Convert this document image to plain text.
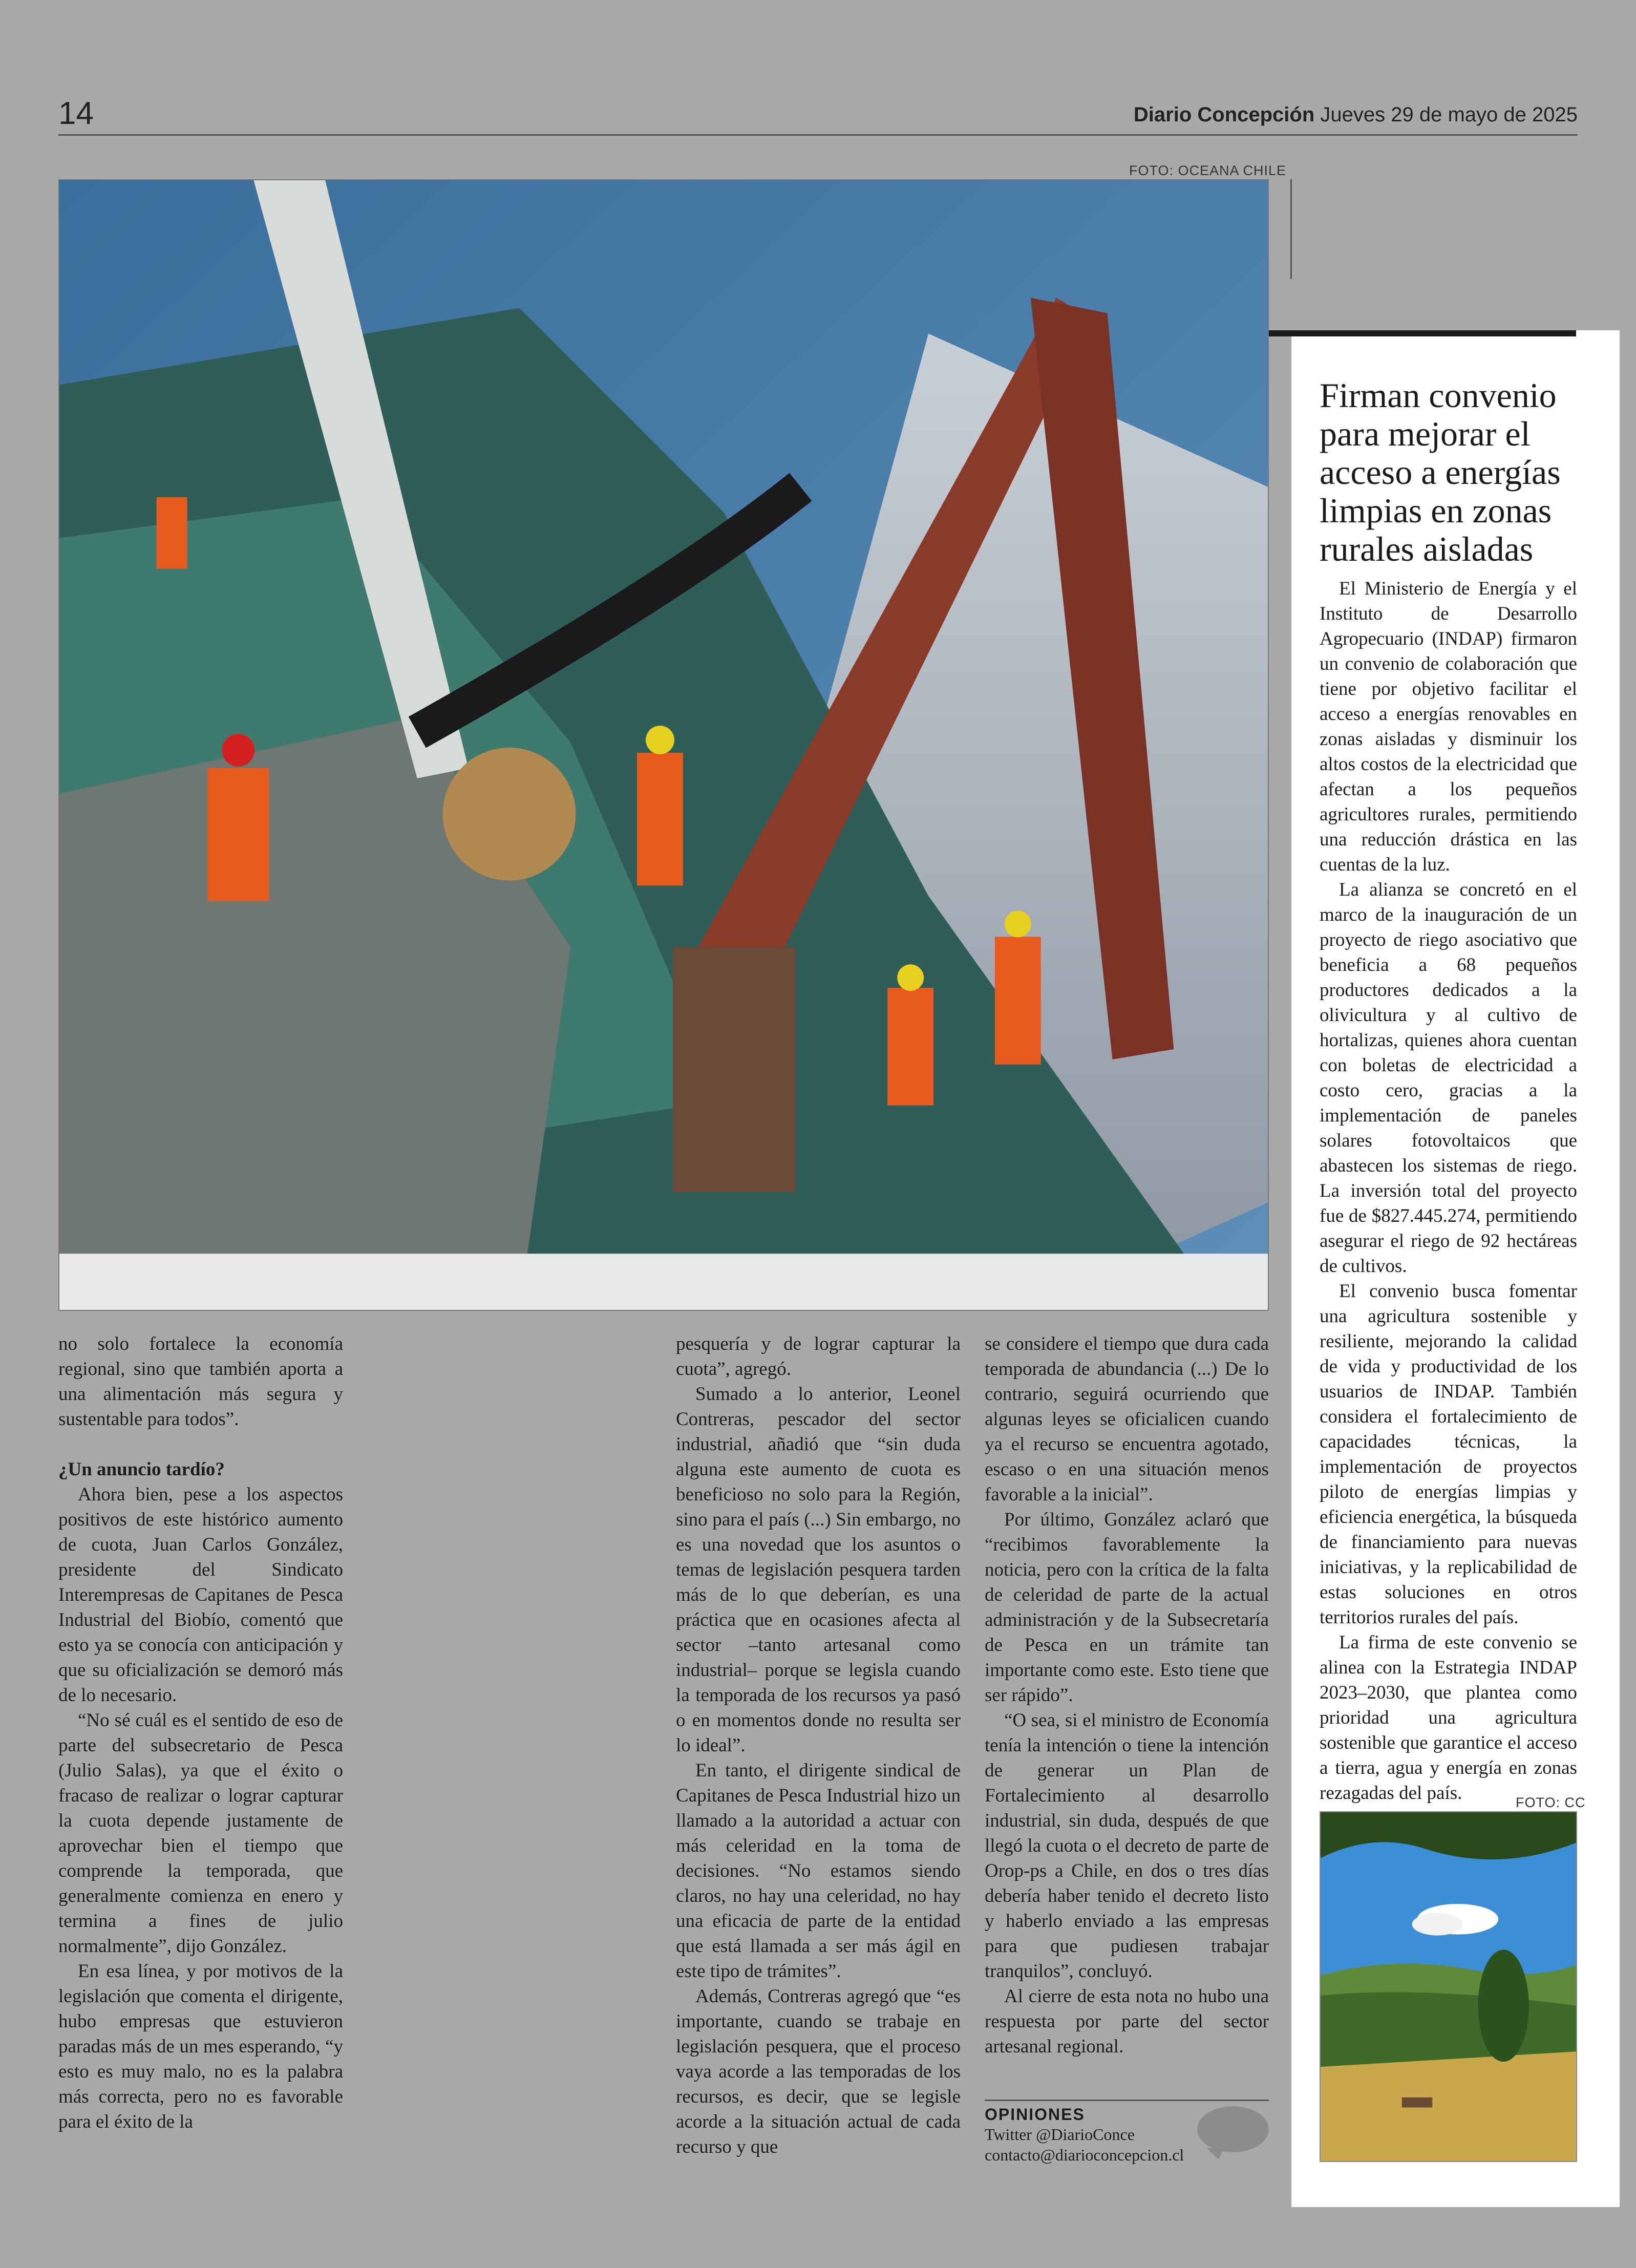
14	Diario Concepción Jueves 29 de mayo de 2025
FOTO: OCEANA CHILE

no solo fortalece la economía regional, sino que también aporta a una alimentación más segura y sustentable para todos”.

¿Un anuncio tardío?

Ahora bien, pese a los aspectos positivos de este histórico aumento de cuota, Juan Carlos González, presidente del Sindicato Interempresas de Capitanes de Pesca Industrial del Biobío, comentó que esto ya se conocía con anticipación y que su oficialización se demoró más de lo necesario.

“No sé cuál es el sentido de eso de parte del subsecretario de Pesca (Julio Salas), ya que el éxito o fracaso de realizar o lograr capturar la cuota depende justamente de aprovechar bien el tiempo que comprende la temporada, que generalmente comienza en enero y termina a fines de julio normalmente”, dijo González.

En esa línea, y por motivos de la legislación que comenta el dirigente, hubo empresas que estuvieron paradas más de un mes esperando, “y esto es muy malo, no es la palabra más correcta, pero no es favorable para el éxito de la

pesquería y de lograr capturar la cuota”, agregó.

Sumado a lo anterior, Leonel Contreras, pescador del sector industrial, añadió que “sin duda alguna este aumento de cuota es beneficioso no solo para la Región, sino para el país (...) Sin embargo, no es una novedad que los asuntos o temas de legislación pesquera tarden más de lo que deberían, es una práctica que en ocasiones afecta al sector –tanto artesanal como industrial– porque se legisla cuando la temporada de los recursos ya pasó o en momentos donde no resulta ser lo ideal”.

En tanto, el dirigente sindical de Capitanes de Pesca Industrial hizo un llamado a la autoridad a actuar con más celeridad en la toma de decisiones. “No estamos siendo claros, no hay una celeridad, no hay una eficacia de parte de la entidad que está llamada a ser más ágil en este tipo de trámites”.

Además, Contreras agregó que “es importante, cuando se trabaje en legislación pesquera, que el proceso vaya acorde a las temporadas de los recursos, es decir, que se legisle acorde a la situación actual de cada recurso y que

se considere el tiempo que dura cada temporada de abundancia (...) De lo contrario, seguirá ocurriendo que algunas leyes se oficialicen cuando ya el recurso se encuentra agotado, escaso o en una situación menos favorable a la inicial”.

Por último, González aclaró que “recibimos favorablemente la noticia, pero con la crítica de la falta de celeridad de parte de la actual administración y de la Subsecretaría de Pesca en un trámite tan importante como este. Esto tiene que ser rápido”.

“O sea, si el ministro de Economía tenía la intención o tiene la intención de generar un Plan de Fortalecimiento al desarrollo industrial, sin duda, después de que llegó la cuota o el decreto de parte de Orop-ps a Chile, en dos o tres días debería haber tenido el decreto listo y haberlo enviado a las empresas para que pudiesen trabajar tranquilos”, concluyó.

Al cierre de esta nota no hubo una respuesta por parte del sector artesanal regional.

OPINIONES
Twitter @DiarioConce
contacto@diarioconcepcion.cl
Firman convenio para mejorar el acceso a energías limpias en zonas rurales aisladas

El Ministerio de Energía y el Instituto de Desarrollo Agropecuario (INDAP) firmaron un convenio de colaboración que tiene por objetivo facilitar el acceso a energías renovables en zonas aisladas y disminuir los altos costos de la electricidad que afectan a los pequeños agricultores rurales, permitiendo una reducción drástica en las cuentas de la luz.

La alianza se concretó en el marco de la inauguración de un proyecto de riego asociativo que beneficia a 68 pequeños productores dedicados a la olivicultura y al cultivo de hortalizas, quienes ahora cuentan con boletas de electricidad a costo cero, gracias a la implementación de paneles solares fotovoltaicos que abastecen los sistemas de riego. La inversión total del proyecto fue de $827.445.274, permitiendo asegurar el riego de 92 hectáreas de cultivos.

El convenio busca fomentar una agricultura sostenible y resiliente, mejorando la calidad de vida y productividad de los usuarios de INDAP. También considera el fortalecimiento de capacidades técnicas, la implementación de proyectos piloto de energías limpias y eficiencia energética, la búsqueda de financiamiento para nuevas iniciativas, y la replicabilidad de estas soluciones en otros territorios rurales del país.

La firma de este convenio se alinea con la Estrategia INDAP 2023–2030, que plantea como prioridad una agricultura sostenible que garantice el acceso a tierra, agua y energía en zonas rezagadas del país.	FOTO: CC
